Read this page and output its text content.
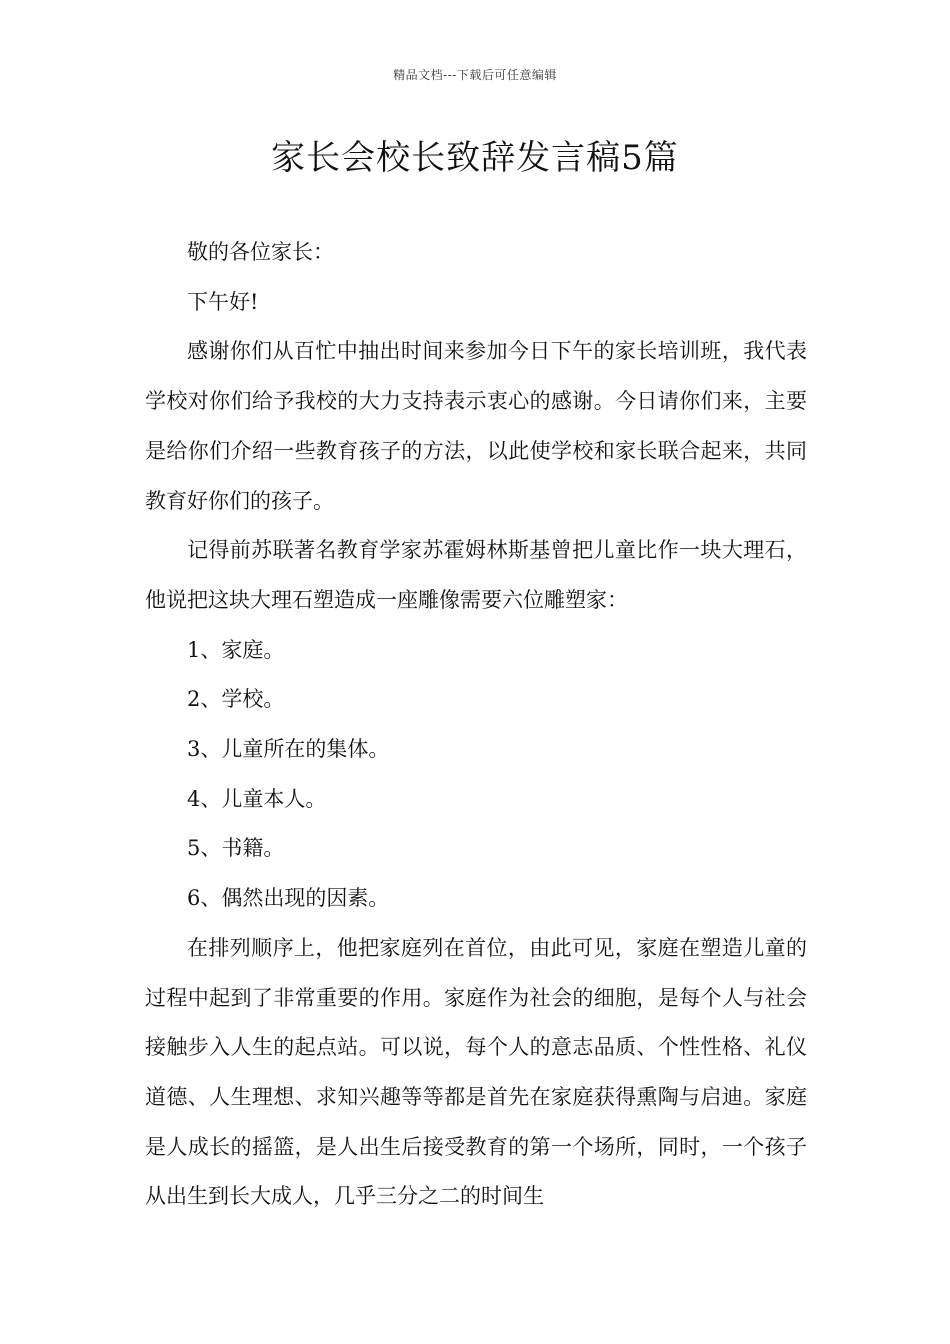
精品文档---下载后可任意编辑
家长会校长致辞发言稿5篇

敬的各位家长：

下午好!

感谢你们从百忙中抽出时间来参加今日下午的家长培训班，我代表学校对你们给予我校的大力支持表示衷心的感谢。今日请你们来，主要是给你们介绍一些教育孩子的方法，以此使学校和家长联合起来，共同教育好你们的孩子。

记得前苏联著名教育学家苏霍姆林斯基曾把儿童比作一块大理石，他说把这块大理石塑造成一座雕像需要六位雕塑家：

1、家庭。

2、学校。

3、儿童所在的集体。

4、儿童本人。

5、书籍。

6、偶然出现的因素。

在排列顺序上，他把家庭列在首位，由此可见，家庭在塑造儿童的过程中起到了非常重要的作用。家庭作为社会的细胞，是每个人与社会接触步入人生的起点站。可以说，每个人的意志品质、个性性格、礼仪道德、人生理想、求知兴趣等等都是首先在家庭获得熏陶与启迪。家庭是人成长的摇篮，是人出生后接受教育的第一个场所，同时，一个孩子从出生到长大成人，几乎三分之二的时间生
